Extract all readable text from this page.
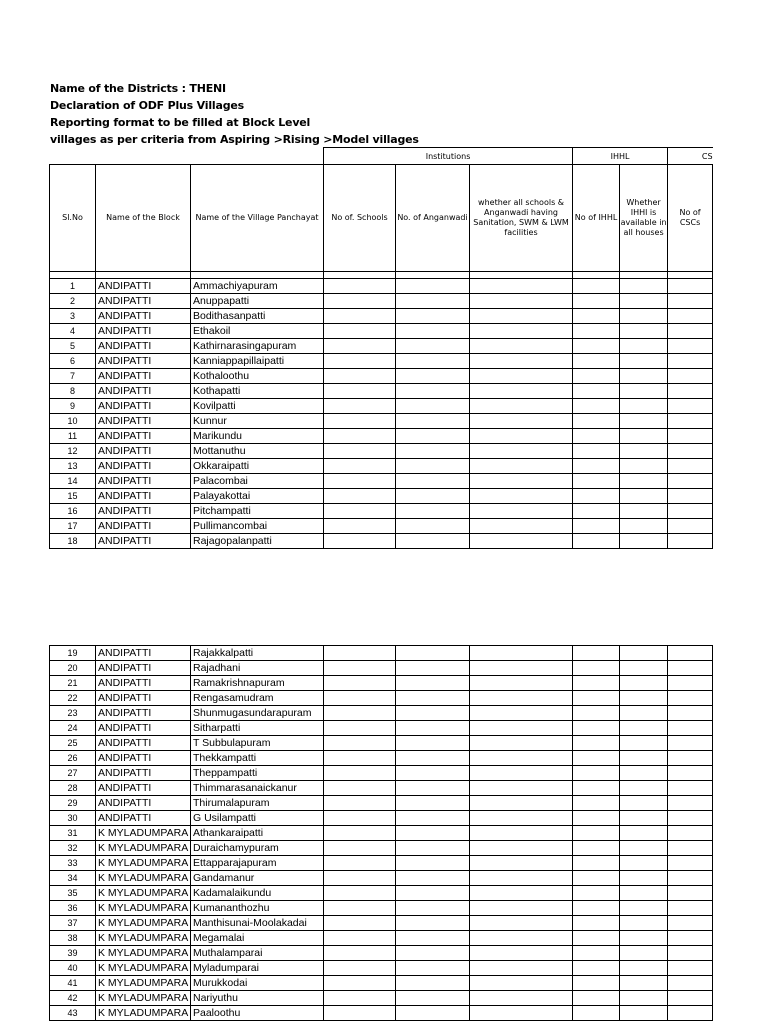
Name of the Districts : THENI
Declaration of ODF Plus Villages
Reporting format to be filled at Block Level
villages as per criteria from Aspiring >Rising >Model villages
			Institutions			IHHL		CS
Sl.No	Name of the Block	Name of the Village Panchayat	No of. Schools	No. of Anganwadi	whether all schools & Anganwadi having Sanitation, SWM & LWM facilities	No of IHHL	Whether IHHl is available in all houses	No of CSCs

1	ANDIPATTI	Ammachiyapuram						
2	ANDIPATTI	Anuppapatti						
3	ANDIPATTI	Bodithasanpatti						
4	ANDIPATTI	Ethakoil						
5	ANDIPATTI	Kathirnarasingapuram						
6	ANDIPATTI	Kanniappapillaipatti						
7	ANDIPATTI	Kothaloothu						
8	ANDIPATTI	Kothapatti						
9	ANDIPATTI	Kovilpatti						
10	ANDIPATTI	Kunnur						
11	ANDIPATTI	Marikundu						
12	ANDIPATTI	Mottanuthu						
13	ANDIPATTI	Okkaraipatti						
14	ANDIPATTI	Palacombai						
15	ANDIPATTI	Palayakottai						
16	ANDIPATTI	Pitchampatti						
17	ANDIPATTI	Pullimancombai						
18	ANDIPATTI	Rajagopalanpatti						
19	ANDIPATTI	Rajakkalpatti						
20	ANDIPATTI	Rajadhani						
21	ANDIPATTI	Ramakrishnapuram						
22	ANDIPATTI	Rengasamudram						
23	ANDIPATTI	Shunmugasundarapuram						
24	ANDIPATTI	Sitharpatti						
25	ANDIPATTI	T Subbulapuram						
26	ANDIPATTI	Thekkampatti						
27	ANDIPATTI	Theppampatti						
28	ANDIPATTI	Thimmarasanaickanur						
29	ANDIPATTI	Thirumalapuram						
30	ANDIPATTI	G Usilampatti						
31	K MYLADUMPARA	Athankaraipatti						
32	K MYLADUMPARA	Duraichamypuram						
33	K MYLADUMPARA	Ettapparajapuram						
34	K MYLADUMPARA	Gandamanur						
35	K MYLADUMPARA	Kadamalaikundu						
36	K MYLADUMPARA	Kumananthozhu						
37	K MYLADUMPARA	Manthisunai-Moolakadai						
38	K MYLADUMPARA	Megamalai						
39	K MYLADUMPARA	Muthalamparai						
40	K MYLADUMPARA	Myladumparai						
41	K MYLADUMPARA	Murukkodai						
42	K MYLADUMPARA	Nariyuthu						
43	K MYLADUMPARA	Paaloothu						
